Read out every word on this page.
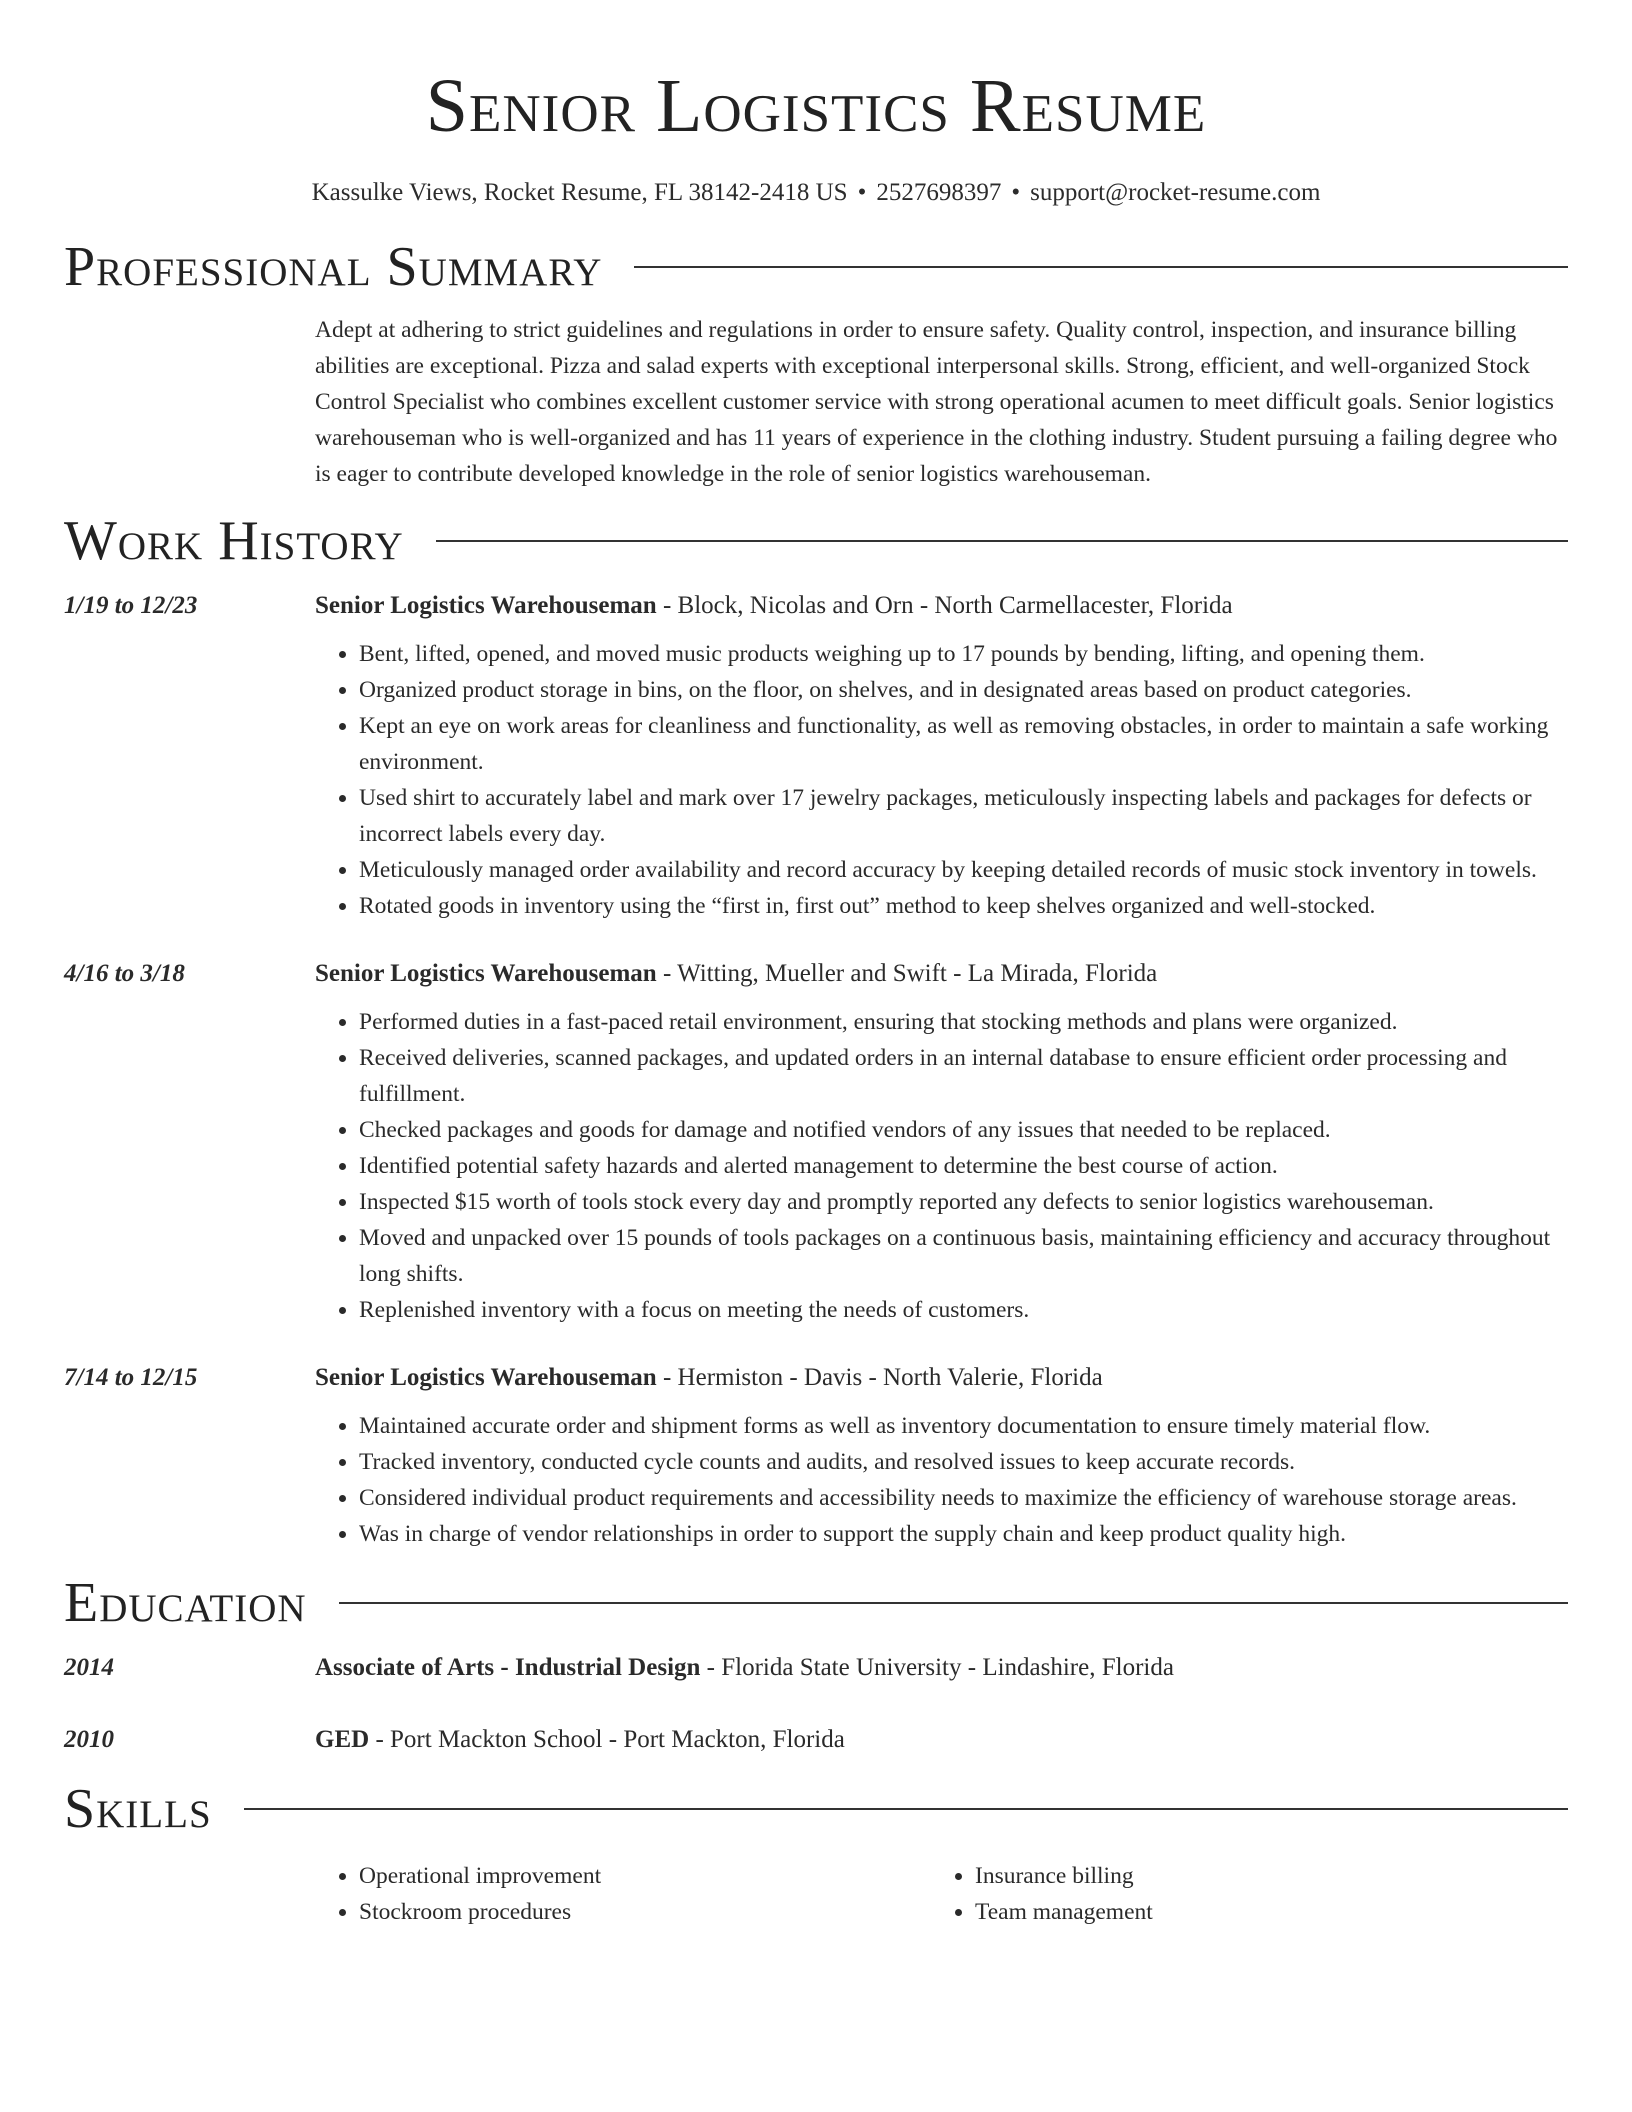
Senior Logistics Resume
Kassulke Views, Rocket Resume, FL 38142-2418 US • 2527698397 • support@rocket-resume.com
Professional Summary
Adept at adhering to strict guidelines and regulations in order to ensure safety. Quality control, inspection, and insurance billing abilities are exceptional. Pizza and salad experts with exceptional interpersonal skills. Strong, efficient, and well-organized Stock Control Specialist who combines excellent customer service with strong operational acumen to meet difficult goals. Senior logistics warehouseman who is well-organized and has 11 years of experience in the clothing industry. Student pursuing a failing degree who is eager to contribute developed knowledge in the role of senior logistics warehouseman.
Work History
1/19 to 12/23	Senior Logistics Warehouseman - Block, Nicolas and Orn - North Carmellacester, Florida
• Bent, lifted, opened, and moved music products weighing up to 17 pounds by bending, lifting, and opening them.
• Organized product storage in bins, on the floor, on shelves, and in designated areas based on product categories.
• Kept an eye on work areas for cleanliness and functionality, as well as removing obstacles, in order to maintain a safe working environment.
• Used shirt to accurately label and mark over 17 jewelry packages, meticulously inspecting labels and packages for defects or incorrect labels every day.
• Meticulously managed order availability and record accuracy by keeping detailed records of music stock inventory in towels.
• Rotated goods in inventory using the “first in, first out” method to keep shelves organized and well-stocked.
4/16 to 3/18	Senior Logistics Warehouseman - Witting, Mueller and Swift - La Mirada, Florida
• Performed duties in a fast-paced retail environment, ensuring that stocking methods and plans were organized.
• Received deliveries, scanned packages, and updated orders in an internal database to ensure efficient order processing and fulfillment.
• Checked packages and goods for damage and notified vendors of any issues that needed to be replaced.
• Identified potential safety hazards and alerted management to determine the best course of action.
• Inspected $15 worth of tools stock every day and promptly reported any defects to senior logistics warehouseman.
• Moved and unpacked over 15 pounds of tools packages on a continuous basis, maintaining efficiency and accuracy throughout long shifts.
• Replenished inventory with a focus on meeting the needs of customers.
7/14 to 12/15	Senior Logistics Warehouseman - Hermiston - Davis - North Valerie, Florida
• Maintained accurate order and shipment forms as well as inventory documentation to ensure timely material flow.
• Tracked inventory, conducted cycle counts and audits, and resolved issues to keep accurate records.
• Considered individual product requirements and accessibility needs to maximize the efficiency of warehouse storage areas.
• Was in charge of vendor relationships in order to support the supply chain and keep product quality high.
Education
2014	Associate of Arts - Industrial Design - Florida State University - Lindashire, Florida
2010	GED - Port Mackton School - Port Mackton, Florida
Skills
• Operational improvement
• Stockroom procedures
• Insurance billing
• Team management
